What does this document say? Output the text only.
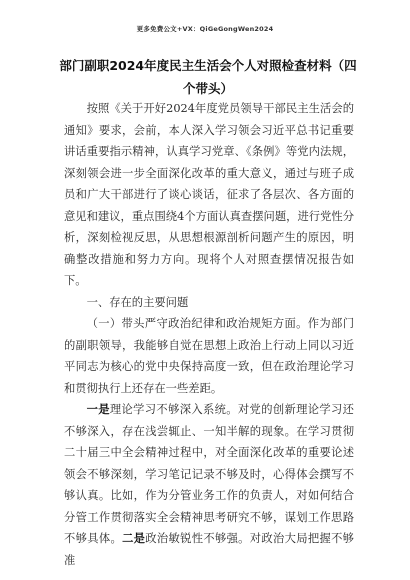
更多免费公文+VX：QiGeGongWen2024
部门副职2024年度民主生活会个人对照检查材料（四个带头）

按照《关于开好2024年度党员领导干部民主生活会的通知》要求，会前，本人深入学习领会习近平总书记重要讲话重要指示精神，认真学习党章、《条例》等党内法规，深刻领会进一步全面深化改革的重大意义，通过与班子成员和广大干部进行了谈心谈话，征求了各层次、各方面的意见和建议，重点围绕4个方面认真查摆问题，进行党性分析，深刻检视反思，从思想根源剖析问题产生的原因，明确整改措施和努力方向。现将个人对照查摆情况报告如下。

一、存在的主要问题

（一）带头严守政治纪律和政治规矩方面。作为部门的副职领导，我能够自觉在思想上政治上行动上同以习近平同志为核心的党中央保持高度一致，但在政治理论学习和贯彻执行上还存在一些差距。

一是理论学习不够深入系统。对党的创新理论学习还不够深入，存在浅尝辄止、一知半解的现象。在学习贯彻二十届三中全会精神过程中，对全面深化改革的重要论述领会不够深刻，学习笔记记录不够及时，心得体会撰写不够认真。比如，作为分管业务工作的负责人，对如何结合分管工作贯彻落实全会精神思考研究不够，谋划工作思路不够具体。二是政治敏锐性不够强。对政治大局把握不够准
